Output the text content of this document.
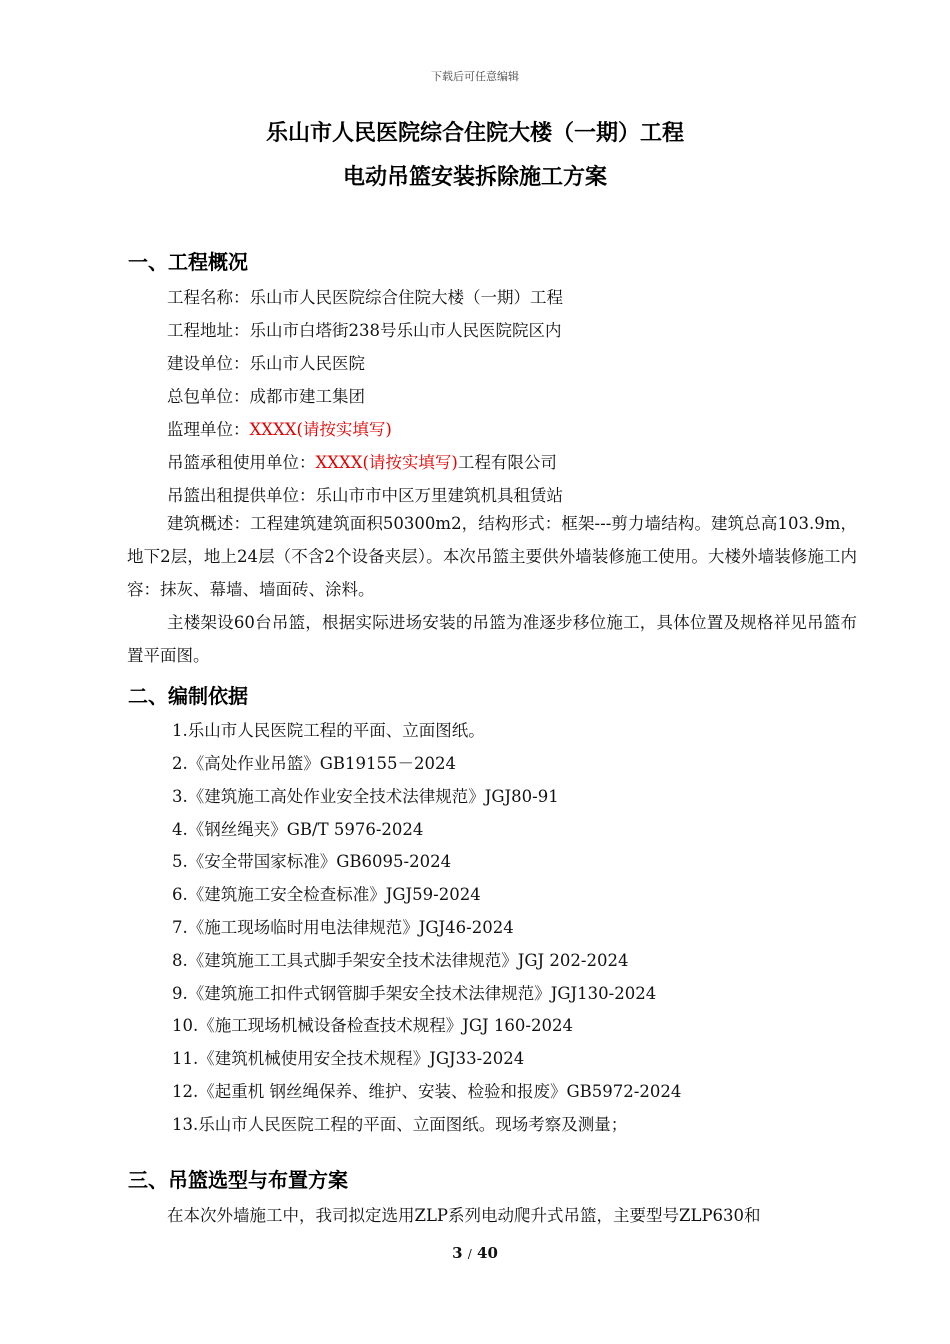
下载后可任意编辑
乐山市人民医院综合住院大楼（一期）工程
电动吊篮安装拆除施工方案
一、工程概况
工程名称：乐山市人民医院综合住院大楼（一期）工程
工程地址：乐山市白塔街238号乐山市人民医院院区内
建设单位：乐山市人民医院
总包单位：成都市建工集团
监理单位：XXXX(请按实填写)
吊篮承租使用单位：XXXX(请按实填写)工程有限公司
吊篮出租提供单位：乐山市市中区万里建筑机具租赁站
建筑概述：工程建筑建筑面积50300m2，结构形式：框架---剪力墙结构。建筑总高103.9m，地下2层，地上24层（不含2个设备夹层）。本次吊篮主要供外墙装修施工使用。大楼外墙装修施工内容：抹灰、幕墙、墙面砖、涂料。
主楼架设60台吊篮，根据实际进场安装的吊篮为准逐步移位施工，具体位置及规格祥见吊篮布置平面图。
二、编制依据
1.乐山市人民医院工程的平面、立面图纸。
2.《高处作业吊篮》GB19155－2024
3.《建筑施工高处作业安全技术法律规范》JGJ80-91
4.《钢丝绳夹》GB/T 5976-2024
5.《安全带国家标准》GB6095-2024
6.《建筑施工安全检查标准》JGJ59-2024
7.《施工现场临时用电法律规范》JGJ46-2024
8.《建筑施工工具式脚手架安全技术法律规范》JGJ 202-2024
9.《建筑施工扣件式钢管脚手架安全技术法律规范》JGJ130-2024
10.《施工现场机械设备检查技术规程》JGJ 160-2024
11.《建筑机械使用安全技术规程》JGJ33-2024
12.《起重机 钢丝绳保养、维护、安装、检验和报废》GB5972-2024
13.乐山市人民医院工程的平面、立面图纸。现场考察及测量；
三、吊篮选型与布置方案
在本次外墙施工中，我司拟定选用ZLP系列电动爬升式吊篮，主要型号ZLP630和
3 / 40
